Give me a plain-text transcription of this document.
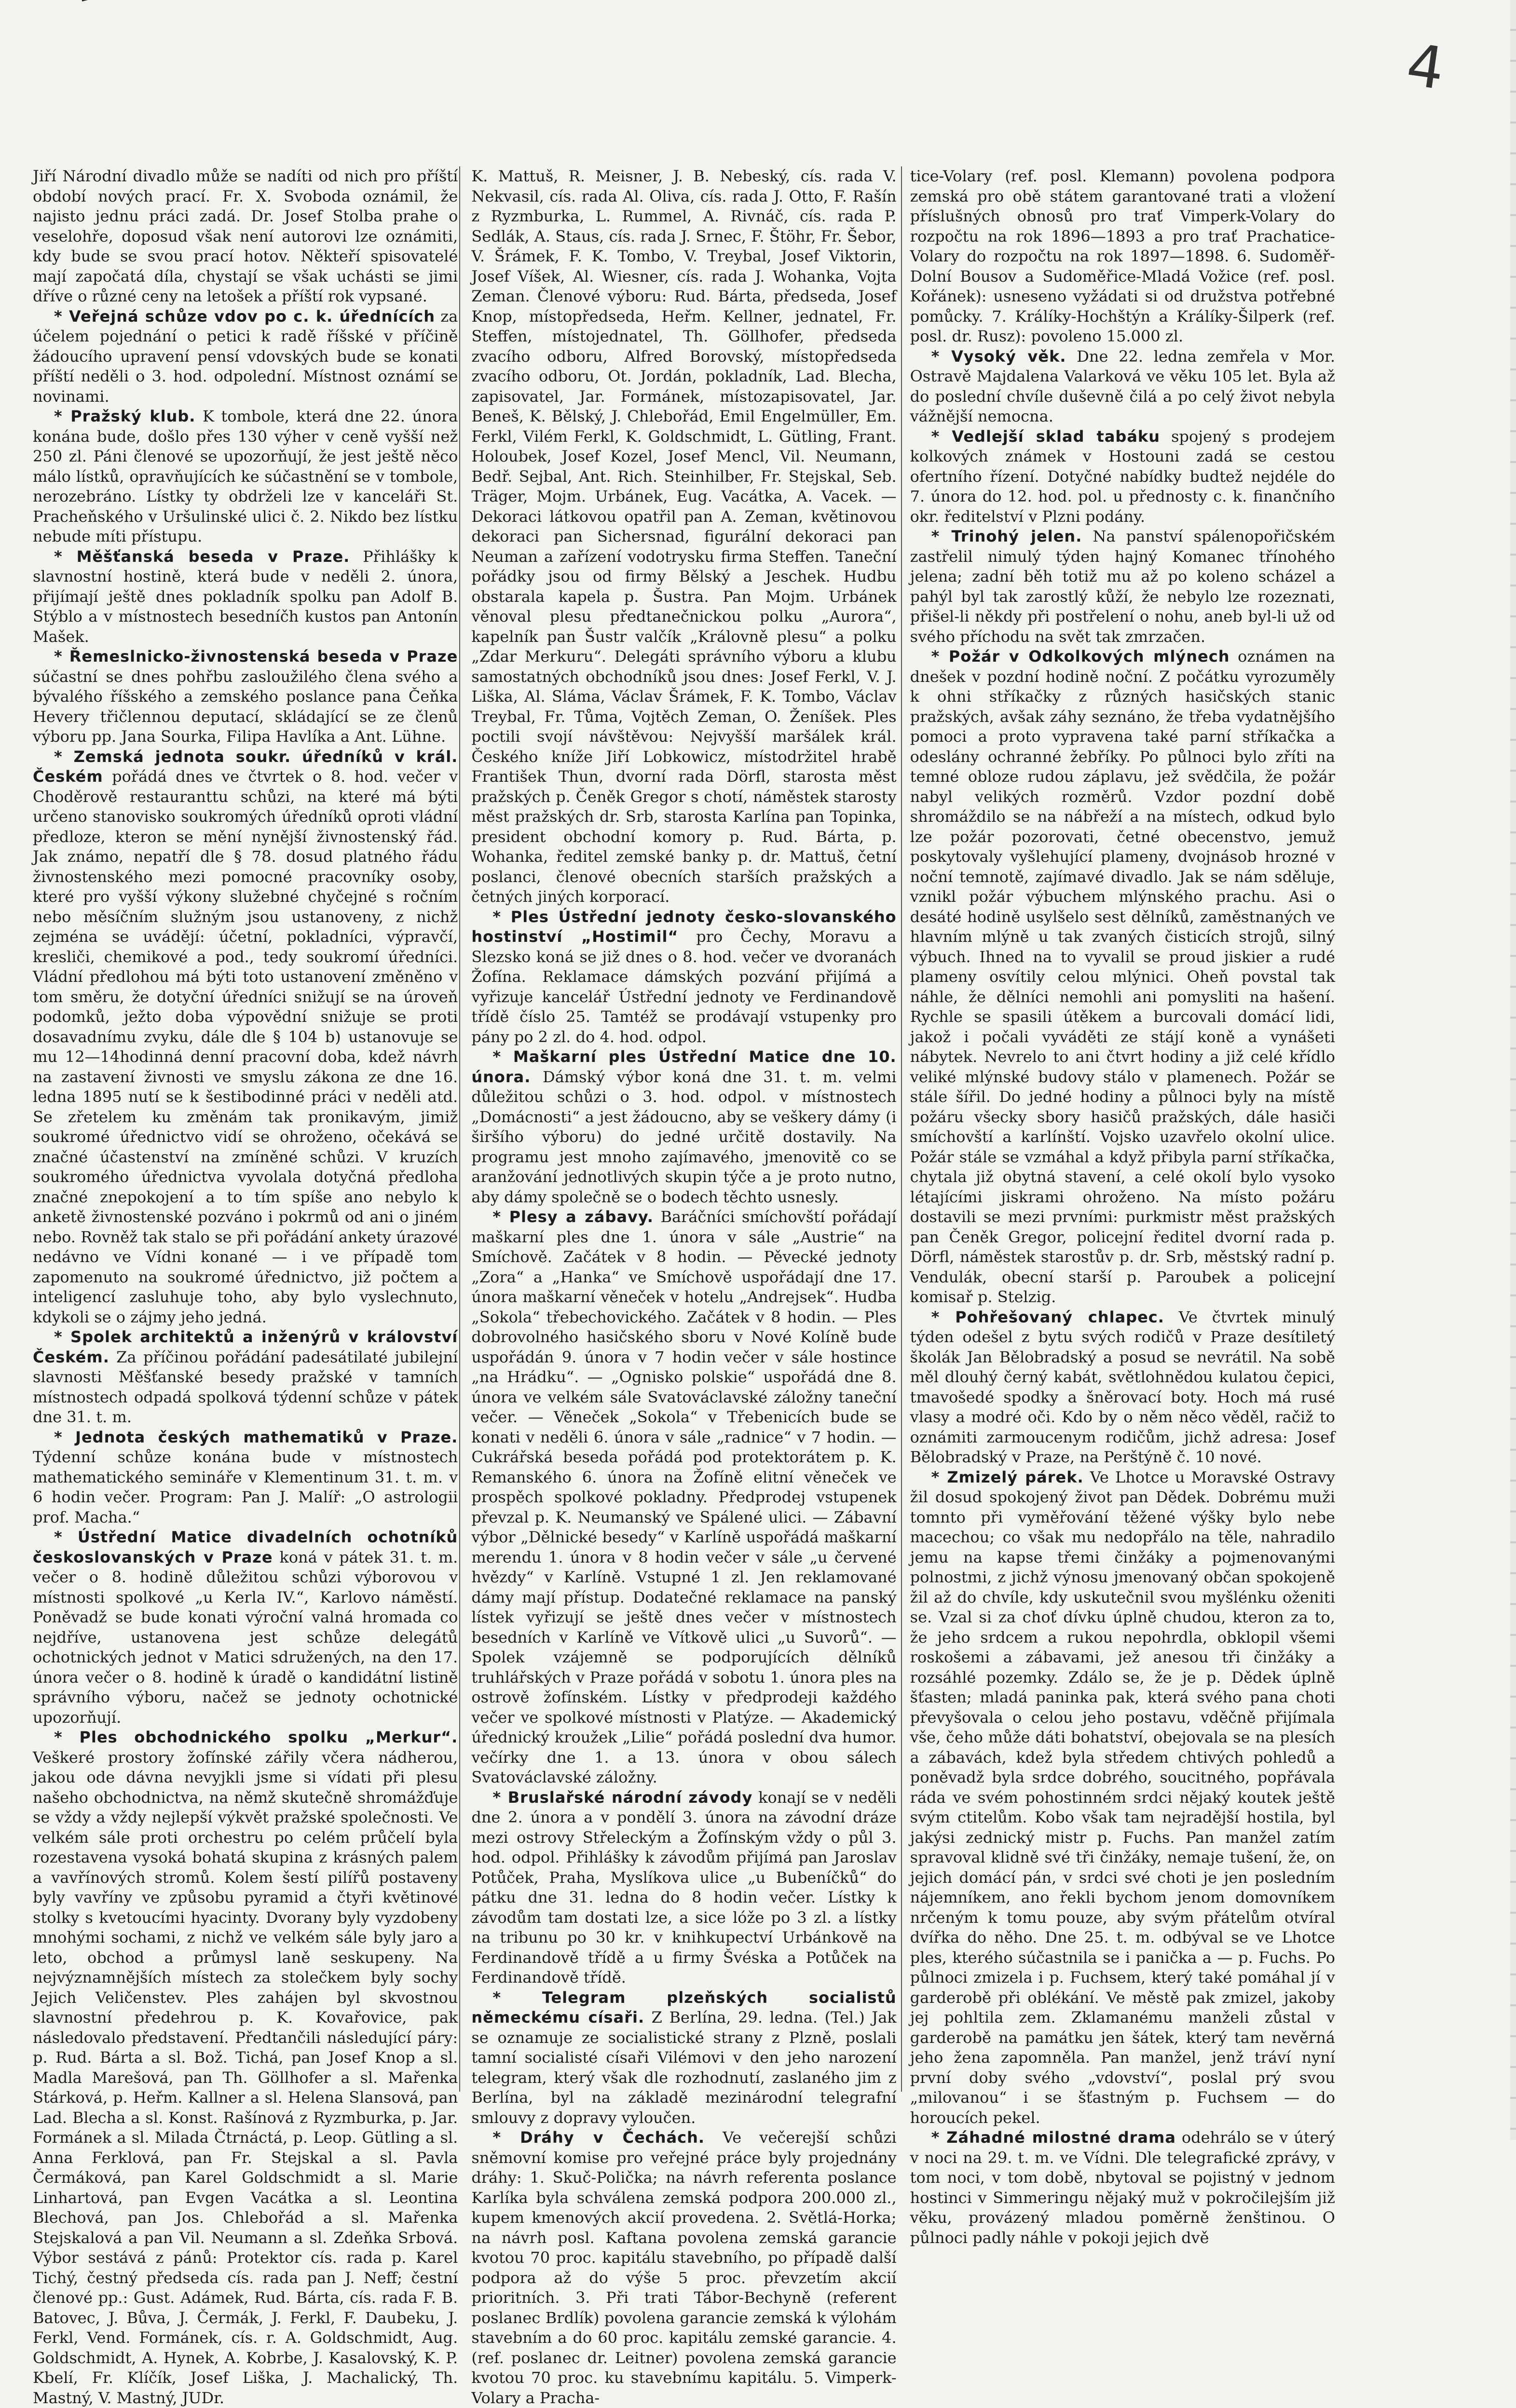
4

Jiří Národní divadlo může se nadíti od nich pro příští období nových prací. Fr. X. Svoboda oznámil, že najisto jednu práci zadá. Dr. Josef Stolba prahe o veselohře, doposud však není autorovi lze oznámiti, kdy bude se svou prací hotov. Někteří spisovatelé mají započatá díla, chystají se však uchásti se jimi dříve o různé ceny na letošek a příští rok vypsané.

* Veřejná schůze vdov po c. k. úřednících za účelem pojednání o petici k radě říšské v příčině žádoucího upravení pensí vdovských bude se konati příští neděli o 3. hod. odpolední. Místnost oznámí se novinami.

* Pražský klub. K tombole, která dne 22. února konána bude, došlo přes 130 výher v ceně vyšší než 250 zl. Páni členové se upozorňují, že jest ještě něco málo lístků, opravňujících ke súčastnění se v tombole, nerozebráno. Lístky ty obdrželi lze v kanceláři St. Pracheňského v Uršulinské ulici č. 2. Nikdo bez lístku nebude míti přístupu.

* Měšťanská beseda v Praze. Přihlášky k slavnostní hostině, která bude v neděli 2. února, přijímají ještě dnes pokladník spolku pan Adolf B. Stýblo a v místnostech besedníčh kustos pan Antonín Mašek.

* Řemeslnicko-živnostenská beseda v Praze súčastní se dnes pohřbu zasloužilého člena svého a bývalého říšského a zemského poslance pana Čeňka Hevery třičlennou deputací, skládající se ze členů výboru pp. Jana Sourka, Filipa Havlíka a Ant. Lühne.

* Zemská jednota soukr. úředníků v král. Českém pořádá dnes ve čtvrtek o 8. hod. večer v Choděrově restauranttu schůzi, na které má býti určeno stanovisko soukromých úředníků oproti vládní předloze, kteron se mění nynější živnostenský řád. Jak známo, nepatří dle § 78. dosud platného řádu živnostenského mezi pomocné pracovníky osoby, které pro vyšší výkony služebné chyčejné s ročním nebo měsíčním služným jsou ustanoveny, z nichž zejména se uvádějí: účetní, pokladníci, výpravčí, kresliči, chemikové a pod., tedy soukromí úředníci. Vládní předlohou má býti toto ustanovení změněno v tom směru, že dotyční úředníci snižují se na úroveň podomků, ježto doba výpovědní snižuje se proti dosavadnímu zvyku, dále dle § 104 b) ustanovuje se mu 12—14hodinná denní pracovní doba, kdež návrh na zastavení živnosti ve smyslu zákona ze dne 16. ledna 1895 nutí se k šestibodinné práci v neděli atd. Se zřetelem ku změnám tak pronikavým, jimiž soukromé úřednictvo vidí se ohroženo, očekává se značné účastenství na zmíněné schůzi. V kruzích soukromého úřednictva vyvolala dotyčná předloha značné znepokojení a to tím spíše ano nebylo k anketě živnostenské pozváno i pokrmů od ani o jiném nebo. Rovněž tak stalo se při pořádání ankety úrazové nedávno ve Vídni konané — i ve případě tom zapomenuto na soukromé úřednictvo, již počtem a inteligencí zasluhuje toho, aby bylo vyslechnuto, kdykoli se o zájmy jeho jedná.

* Spolek architektů a inženýrů v království Českém. Za příčinou pořádání padesátilaté jubilejní slavnosti Měšťanské besedy pražské v tamních místnostech odpadá spolková týdenní schůze v pátek dne 31. t. m.

* Jednota českých mathematiků v Praze. Týdenní schůze konána bude v místnostech mathematického semináře v Klementinum 31. t. m. v 6 hodin večer. Program: Pan J. Malíř: „O astrologii prof. Macha.“

* Ústřední Matice divadelních ochotníků českoslovanských v Praze koná v pátek 31. t. m. večer o 8. hodině důležitou schůzi výborovou v místnosti spolkové „u Kerla IV.“, Karlovo náměstí. Poněvadž se bude konati výroční valná hromada co nejdříve, ustanovena jest schůze delegátů ochotnických jednot v Matici sdružených, na den 17. února večer o 8. hodině k úradě o kandidátní listině správního výboru, načež se jednoty ochotnické upozorňují.

* Ples obchodnického spolku „Merkur“. Veškeré prostory žofínské zářily včera nádherou, jakou ode dávna nevyjkli jsme si vídati při plesu našeho obchodnictva, na němž skutečně shromážďuje se vždy a vždy nejlepší výkvět pražské společnosti. Ve velkém sále proti orchestru po celém průčelí byla rozestavena vysoká bohatá skupina z krásných palem a vavřínových stromů. Kolem šestí pilířů postaveny byly vavříny ve způsobu pyramid a čtyři květinové stolky s kvetoucími hyacinty. Dvorany byly vyzdobeny mnohými sochami, z nichž ve velkém sále byly jaro a leto, obchod a průmysl laně seskupeny. Na nejvýznamnějších místech za stolečkem byly sochy Jejich Veličenstev. Ples zahájen byl skvostnou slavnostní předehrou p. K. Kovařovice, pak následovalo představení. Předtančili následující páry: p. Rud. Bárta a sl. Bož. Tichá, pan Josef Knop a sl. Madla Marešová, pan Th. Göllhofer a sl. Mařenka Stárková, p. Heřm. Kallner a sl. Helena Slansová, pan Lad. Blecha a sl. Konst. Rašínová z Ryzmburka, p. Jar. Formánek a sl. Milada Čtrnáctá, p. Leop. Gütling a sl. Anna Ferklová, pan Fr. Stejskal a sl. Pavla Čermáková, pan Karel Goldschmidt a sl. Marie Linhartová, pan Evgen Vacátka a sl. Leontina Blechová, pan Jos. Chlebořád a sl. Mařenka Stejskalová a pan Vil. Neumann a sl. Zdeňka Srbová. Výbor sestává z pánů: Protektor cís. rada p. Karel Tichý, čestný předseda cís. rada pan J. Neff; čestní členové pp.: Gust. Adámek, Rud. Bárta, cís. rada F. B. Batovec, J. Bůva, J. Čermák, J. Ferkl, F. Daubeku, J. Ferkl, Vend. Formánek, cís. r. A. Goldschmidt, Aug. Goldschmidt, A. Hynek, A. Kobrbe, J. Kasalovský, K. P. Kbelí, Fr. Klíčík, Josef Liška, J. Machalický, Th. Mastný, V. Mastný, JUDr.

K. Mattuš, R. Meisner, J. B. Nebeský, cís. rada V. Nekvasil, cís. rada Al. Oliva, cís. rada J. Otto, F. Rašín z Ryzmburka, L. Rummel, A. Rivnáč, cís. rada P. Sedlák, A. Staus, cís. rada J. Srnec, F. Štöhr, Fr. Šebor, V. Šrámek, F. K. Tombo, V. Treybal, Josef Viktorin, Josef Víšek, Al. Wiesner, cís. rada J. Wohanka, Vojta Zeman. Členové výboru: Rud. Bárta, předseda, Josef Knop, místopředseda, Heřm. Kellner, jednatel, Fr. Steffen, místojednatel, Th. Göllhofer, předseda zvacího odboru, Alfred Borovský, místopředseda zvacího odboru, Ot. Jordán, pokladník, Lad. Blecha, zapisovatel, Jar. Formánek, místozapisovatel, Jar. Beneš, K. Bělský, J. Chlebořád, Emil Engelmüller, Em. Ferkl, Vilém Ferkl, K. Goldschmidt, L. Gütling, Frant. Holoubek, Josef Kozel, Josef Mencl, Vil. Neumann, Bedř. Sejbal, Ant. Rich. Steinhilber, Fr. Stejskal, Seb. Träger, Mojm. Urbánek, Eug. Vacátka, A. Vacek. — Dekoraci látkovou opatřil pan A. Zeman, květinovou dekoraci pan Sichersnad, figurální dekoraci pan Neuman a zařízení vodotrysku firma Steffen. Taneční pořádky jsou od firmy Bělský a Jeschek. Hudbu obstarala kapela p. Šustra. Pan Mojm. Urbánek věnoval plesu předtanečnickou polku „Aurora“, kapelník pan Šustr valčík „Královně plesu“ a polku „Zdar Merkuru“. Delegáti správního výboru a klubu samostatných obchodníků jsou dnes: Josef Ferkl, V. J. Liška, Al. Sláma, Václav Šrámek, F. K. Tombo, Václav Treybal, Fr. Tůma, Vojtěch Zeman, O. Ženíšek. Ples poctili svojí návštěvou: Nejvyšší maršálek král. Českého kníže Jiří Lobkowicz, místodržitel hrabě František Thun, dvorní rada Dörfl, starosta měst pražských p. Čeněk Gregor s chotí, náměstek starosty měst pražských dr. Srb, starosta Karlína pan Topinka, president obchodní komory p. Rud. Bárta, p. Wohanka, ředitel zemské banky p. dr. Mattuš, četní poslanci, členové obecních starších pražských a četných jiných korporací.

* Ples Ústřední jednoty česko-slovanského hostinství „Hostimil“ pro Čechy, Moravu a Slezsko koná se již dnes o 8. hod. večer ve dvoranách Žofína. Reklamace dámských pozvání přijímá a vyřizuje kancelář Ústřední jednoty ve Ferdinandově třídě číslo 25. Tamtéž se prodávají vstupenky pro pány po 2 zl. do 4. hod. odpol.

* Maškarní ples Ústřední Matice dne 10. února. Dámský výbor koná dne 31. t. m. velmi důležitou schůzi o 3. hod. odpol. v místnostech „Domácnosti“ a jest žádoucno, aby se veškery dámy (i širšího výboru) do jedné určitě dostavily. Na programu jest mnoho zajímavého, jmenovitě co se aranžování jednotlivých skupin týče a je proto nutno, aby dámy společně se o bodech těchto usnesly.

* Plesy a zábavy. Baráčníci smíchovští pořádají maškarní ples dne 1. února v sále „Austrie“ na Smíchově. Začátek v 8 hodin. — Pěvecké jednoty „Zora“ a „Hanka“ ve Smíchově uspořádají dne 17. února maškarní věneček v hotelu „Andrejsek“. Hudba „Sokola“ třebechovického. Začátek v 8 hodin. — Ples dobrovolného hasičského sboru v Nové Kolíně bude uspořádán 9. února v 7 hodin večer v sále hostince „na Hrádku“. — „Ognisko polskie“ uspořádá dne 8. února ve velkém sále Svatováclavské záložny taneční večer. — Věneček „Sokola“ v Třebenicích bude se konati v neděli 6. února v sále „radnice“ v 7 hodin. — Cukrářská beseda pořádá pod protektorátem p. K. Remanského 6. února na Žofíně elitní věneček ve prospěch spolkové pokladny. Předprodej vstupenek převzal p. K. Neumanský ve Spálené ulici. — Zábavní výbor „Dělnické besedy“ v Karlíně uspořádá maškarní merendu 1. února v 8 hodin večer v sále „u červené hvězdy“ v Karlíně. Vstupné 1 zl. Jen reklamované dámy mají přístup. Dodatečné reklamace na panský lístek vyřizují se ještě dnes večer v místnostech besedních v Karlíně ve Vítkově ulici „u Suvorů“. — Spolek vzájemně se podporujících dělníků truhlářských v Praze pořádá v sobotu 1. února ples na ostrově žofínském. Lístky v předprodeji každého večer ve spolkové místnosti v Platýze. — Akademický úřednický kroužek „Lilie“ pořádá poslední dva humor. večírky dne 1. a 13. února v obou sálech Svatováclavské záložny.

* Bruslařské národní závody konají se v neděli dne 2. února a v pondělí 3. února na závodní dráze mezi ostrovy Střeleckým a Žofínským vždy o půl 3. hod. odpol. Přihlášky k závodům přijímá pan Jaroslav Potůček, Praha, Myslíkova ulice „u Bubeníčků“ do pátku dne 31. ledna do 8 hodin večer. Lístky k závodům tam dostati lze, a sice lóže po 3 zl. a lístky na tribunu po 30 kr. v knihkupectví Urbánkově na Ferdinandově třídě a u firmy Švéska a Potůček na Ferdinandově třídě.

* Telegram plzeňských socialistů německému císaři. Z Berlína, 29. ledna. (Tel.) Jak se oznamuje ze socialistické strany z Plzně, poslali tamní socialisté císaři Vilémovi v den jeho narození telegram, který však dle rozhodnutí, zaslaného jim z Berlína, byl na základě mezinárodní telegrafní smlouvy z dopravy vyloučen.

* Dráhy v Čechách. Ve večerejší schůzi sněmovní komise pro veřejné práce byly projednány dráhy: 1. Skuč-Polička; na návrh referenta poslance Karlíka byla schválena zemská podpora 200.000 zl., kupem kmenových akcií provedena. 2. Světlá-Horka; na návrh posl. Kaftana povolena zemská garancie kvotou 70 proc. kapitálu stavebního, po případě další podpora až do výše 5 proc. převzetím akcií prioritních. 3. Při trati Tábor-Bechyně (referent poslanec Brdlík) povolena garancie zemská k výlohám stavebním a do 60 proc. kapitálu zemské garancie. 4. (ref. poslanec dr. Leitner) povolena zemská garancie kvotou 70 proc. ku stavebnímu kapitálu. 5. Vimperk-Volary a Pracha-

tice-Volary (ref. posl. Klemann) povolena podpora zemská pro obě státem garantované trati a vložení příslušných obnosů pro trať Vimperk-Volary do rozpočtu na rok 1896—1893 a pro trať Prachatice-Volary do rozpočtu na rok 1897—1898. 6. Sudoměř-Dolní Bousov a Sudoměřice-Mladá Vožice (ref. posl. Kořánek): usneseno vyžádati si od družstva potřebné pomůcky. 7. Králíky-Hochštýn a Králíky-Šilperk (ref. posl. dr. Rusz): povoleno 15.000 zl.

* Vysoký věk. Dne 22. ledna zemřela v Mor. Ostravě Majdalena Valarková ve věku 105 let. Byla až do poslední chvíle duševně čilá a po celý život nebyla vážnější nemocna.

* Vedlejší sklad tabáku spojený s prodejem kolkových známek v Hostouni zadá se cestou ofertního řízení. Dotyčné nabídky budtež nejdéle do 7. února do 12. hod. pol. u přednosty c. k. finančního okr. ředitelství v Plzni podány.

* Trinohý jelen. Na panství spálenopořičském zastřelil nimulý týden hajný Komanec třínohého jelena; zadní běh totiž mu až po koleno scházel a pahýl byl tak zarostlý kůží, že nebylo lze rozeznati, přišel-li někdy při postřelení o nohu, aneb byl-li už od svého příchodu na svět tak zmrzačen.

* Požár v Odkolkových mlýnech oznámen na dnešek v pozdní hodině noční. Z počátku vyrozuměly k ohni stříkačky z různých hasičských stanic pražských, avšak záhy seznáno, že třeba vydatnějšího pomoci a proto vypravena také parní stříkačka a odeslány ochranné žebříky. Po půlnoci bylo zříti na temné obloze rudou záplavu, jež svědčila, že požár nabyl velikých rozměrů. Vzdor pozdní době shromáždilo se na nábřeží a na místech, odkud bylo lze požár pozorovati, četné obecenstvo, jemuž poskytovaly vyšlehující plameny, dvojnásob hrozné v noční temnotě, zajímavé divadlo. Jak se nám sděluje, vznikl požár výbuchem mlýnského prachu. Asi o desáté hodině usylšelo sest dělníků, zaměstnaných ve hlavním mlýně u tak zvaných čisticích strojů, silný výbuch. Ihned na to vyvalil se proud jiskier a rudé plameny osvítily celou mlýnici. Oheň povstal tak náhle, že dělníci nemohli ani pomysliti na hašení. Rychle se spasili útěkem a burcovali domácí lidi, jakož i počali vyváděti ze stájí koně a vynášeti nábytek. Nevrelo to ani čtvrt hodiny a již celé křídlo veliké mlýnské budovy stálo v plamenech. Požár se stále šířil. Do jedné hodiny a půlnoci byly na místě požáru všecky sbory hasičů pražských, dále hasiči smíchovští a karlínští. Vojsko uzavřelo okolní ulice. Požár stále se vzmáhal a když přibyla parní stříkačka, chytala již obytná stavení, a celé okolí bylo vysoko létajícími jiskrami ohroženo. Na místo požáru dostavili se mezi prvními: purkmistr měst pražských pan Čeněk Gregor, policejní ředitel dvorní rada p. Dörfl, náměstek starostův p. dr. Srb, městský radní p. Vendulák, obecní starší p. Paroubek a policejní komisař p. Stelzig.

* Pohřešovaný chlapec. Ve čtvrtek minulý týden odešel z bytu svých rodičů v Praze desítiletý školák Jan Bělobradský a posud se nevrátil. Na sobě měl dlouhý černý kabát, světlohnědou kulatou čepici, tmavošedé spodky a šněrovací boty. Hoch má rusé vlasy a modré oči. Kdo by o něm něco věděl, račiž to oznámiti zarmoucenym rodičům, jichž adresa: Josef Bělobradský v Praze, na Perštýně č. 10 nové.

* Zmizelý párek. Ve Lhotce u Moravské Ostravy žil dosud spokojený život pan Dědek. Dobrému muži tomnto při vyměřování těžené výšky bylo nebe macechou; co však mu nedopřálo na těle, nahradilo jemu na kapse třemi činžáky a pojmenovanými polnostmi, z jichž výnosu jmenovaný občan spokojeně žil až do chvíle, kdy uskutečnil svou myšlénku oženiti se. Vzal si za choť dívku úplně chudou, kteron za to, že jeho srdcem a rukou nepohrdla, obklopil všemi roskošemi a zábavami, jež anesou tři činžáky a rozsáhlé pozemky. Zdálo se, že je p. Dědek úplně šťasten; mladá paninka pak, která svého pana choti převyšovala o celou jeho postavu, vděčně přijímala vše, čeho může dáti bohatství, obejovala se na plesích a zábavách, kdež byla středem chtivých pohledů a poněvadž byla srdce dobrého, soucitného, popřávala ráda ve svém pohostinném srdci nějaký koutek ještě svým ctitelům. Kobo však tam nejradější hostila, byl jakýsi zednický mistr p. Fuchs. Pan manžel zatím spravoval klidně své tři činžáky, nemaje tušení, že, on jejich domácí pán, v srdci své choti je jen posledním nájemníkem, ano řekli bychom jenom domovníkem nrčeným k tomu pouze, aby svým přátelům otvíral dvířka do něho. Dne 25. t. m. odbýval se ve Lhotce ples, kterého súčastnila se i panička a — p. Fuchs. Po půlnoci zmizela i p. Fuchsem, který také pomáhal jí v garderobě při oblékání. Ve městě pak zmizel, jakoby jej pohltila zem. Zklamanému manželi zůstal v garderobě na památku jen šátek, který tam nevěrná jeho žena zapomněla. Pan manžel, jenž tráví nyní první doby svého „vdovství“, poslal prý svou „milovanou“ i se šťastným p. Fuchsem — do horoucích pekel.

* Záhadné milostné drama odehrálo se v úterý v noci na 29. t. m. ve Vídni. Dle telegrafické zprávy, v tom noci, v tom době, nbytoval se pojistný v jednom hostinci v Simmeringu nějaký muž v pokročilejším již věku, provázený mladou poměrně ženštinou. O půlnoci padly náhle v pokoji jejich dvě
